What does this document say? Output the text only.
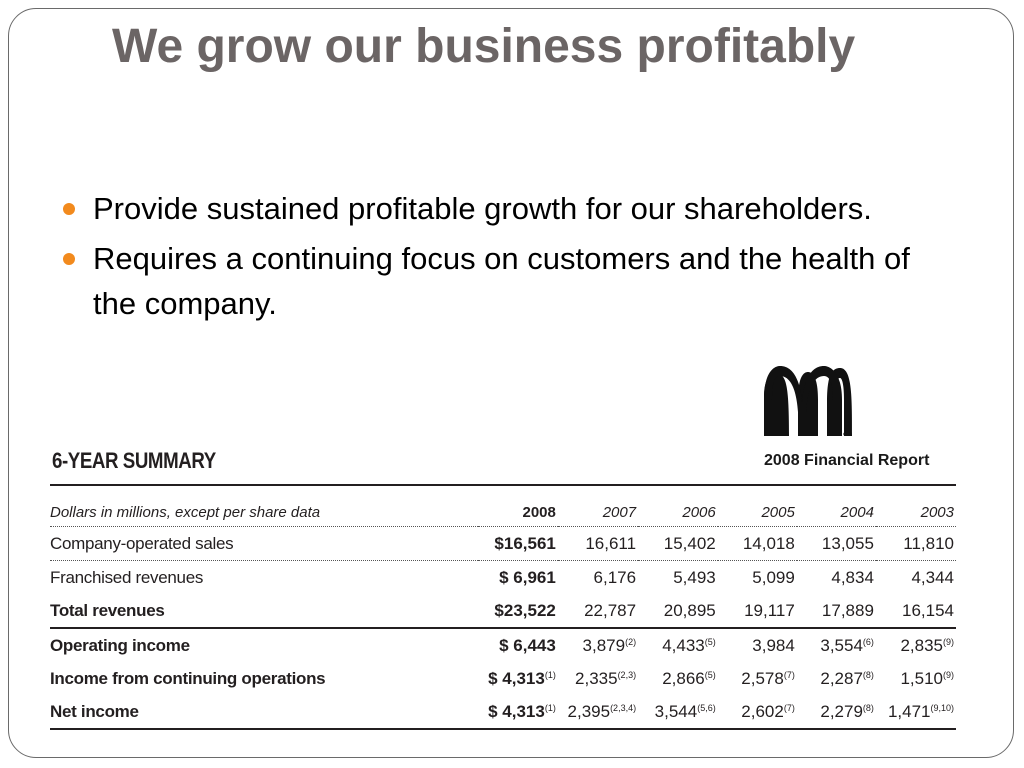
We grow our business profitably
Provide sustained profitable growth for our shareholders.
Requires a continuing focus on customers and the health of the company.
2008 Financial Report
6-YEAR SUMMARY
Dollars in millions, except per share data	2008	2007	2006	2005	2004	2003
Company-operated sales	$16,561	16,611	15,402	14,018	13,055	11,810
Franchised revenues	$ 6,961	6,176	5,493	5,099	4,834	4,344
Total revenues	$23,522	22,787	20,895	19,117	17,889	16,154
Operating income	$ 6,443	3,879$^{(2)}$	4,433$^{(5)}$	3,984	3,554$^{(6)}$	2,835$^{(9)}$
Income from continuing operations	$ 4,313$^{(1)}$	2,335$^{(2,3)}$	2,866$^{(5)}$	2,578$^{(7)}$	2,287$^{(8)}$	1,510$^{(9)}$
Net income	$ 4,313$^{(1)}$	2,395$^{(2,3,4)}$	3,544$^{(5,6)}$	2,602$^{(7)}$	2,279$^{(8)}$	1,471$^{(9,10)}$
